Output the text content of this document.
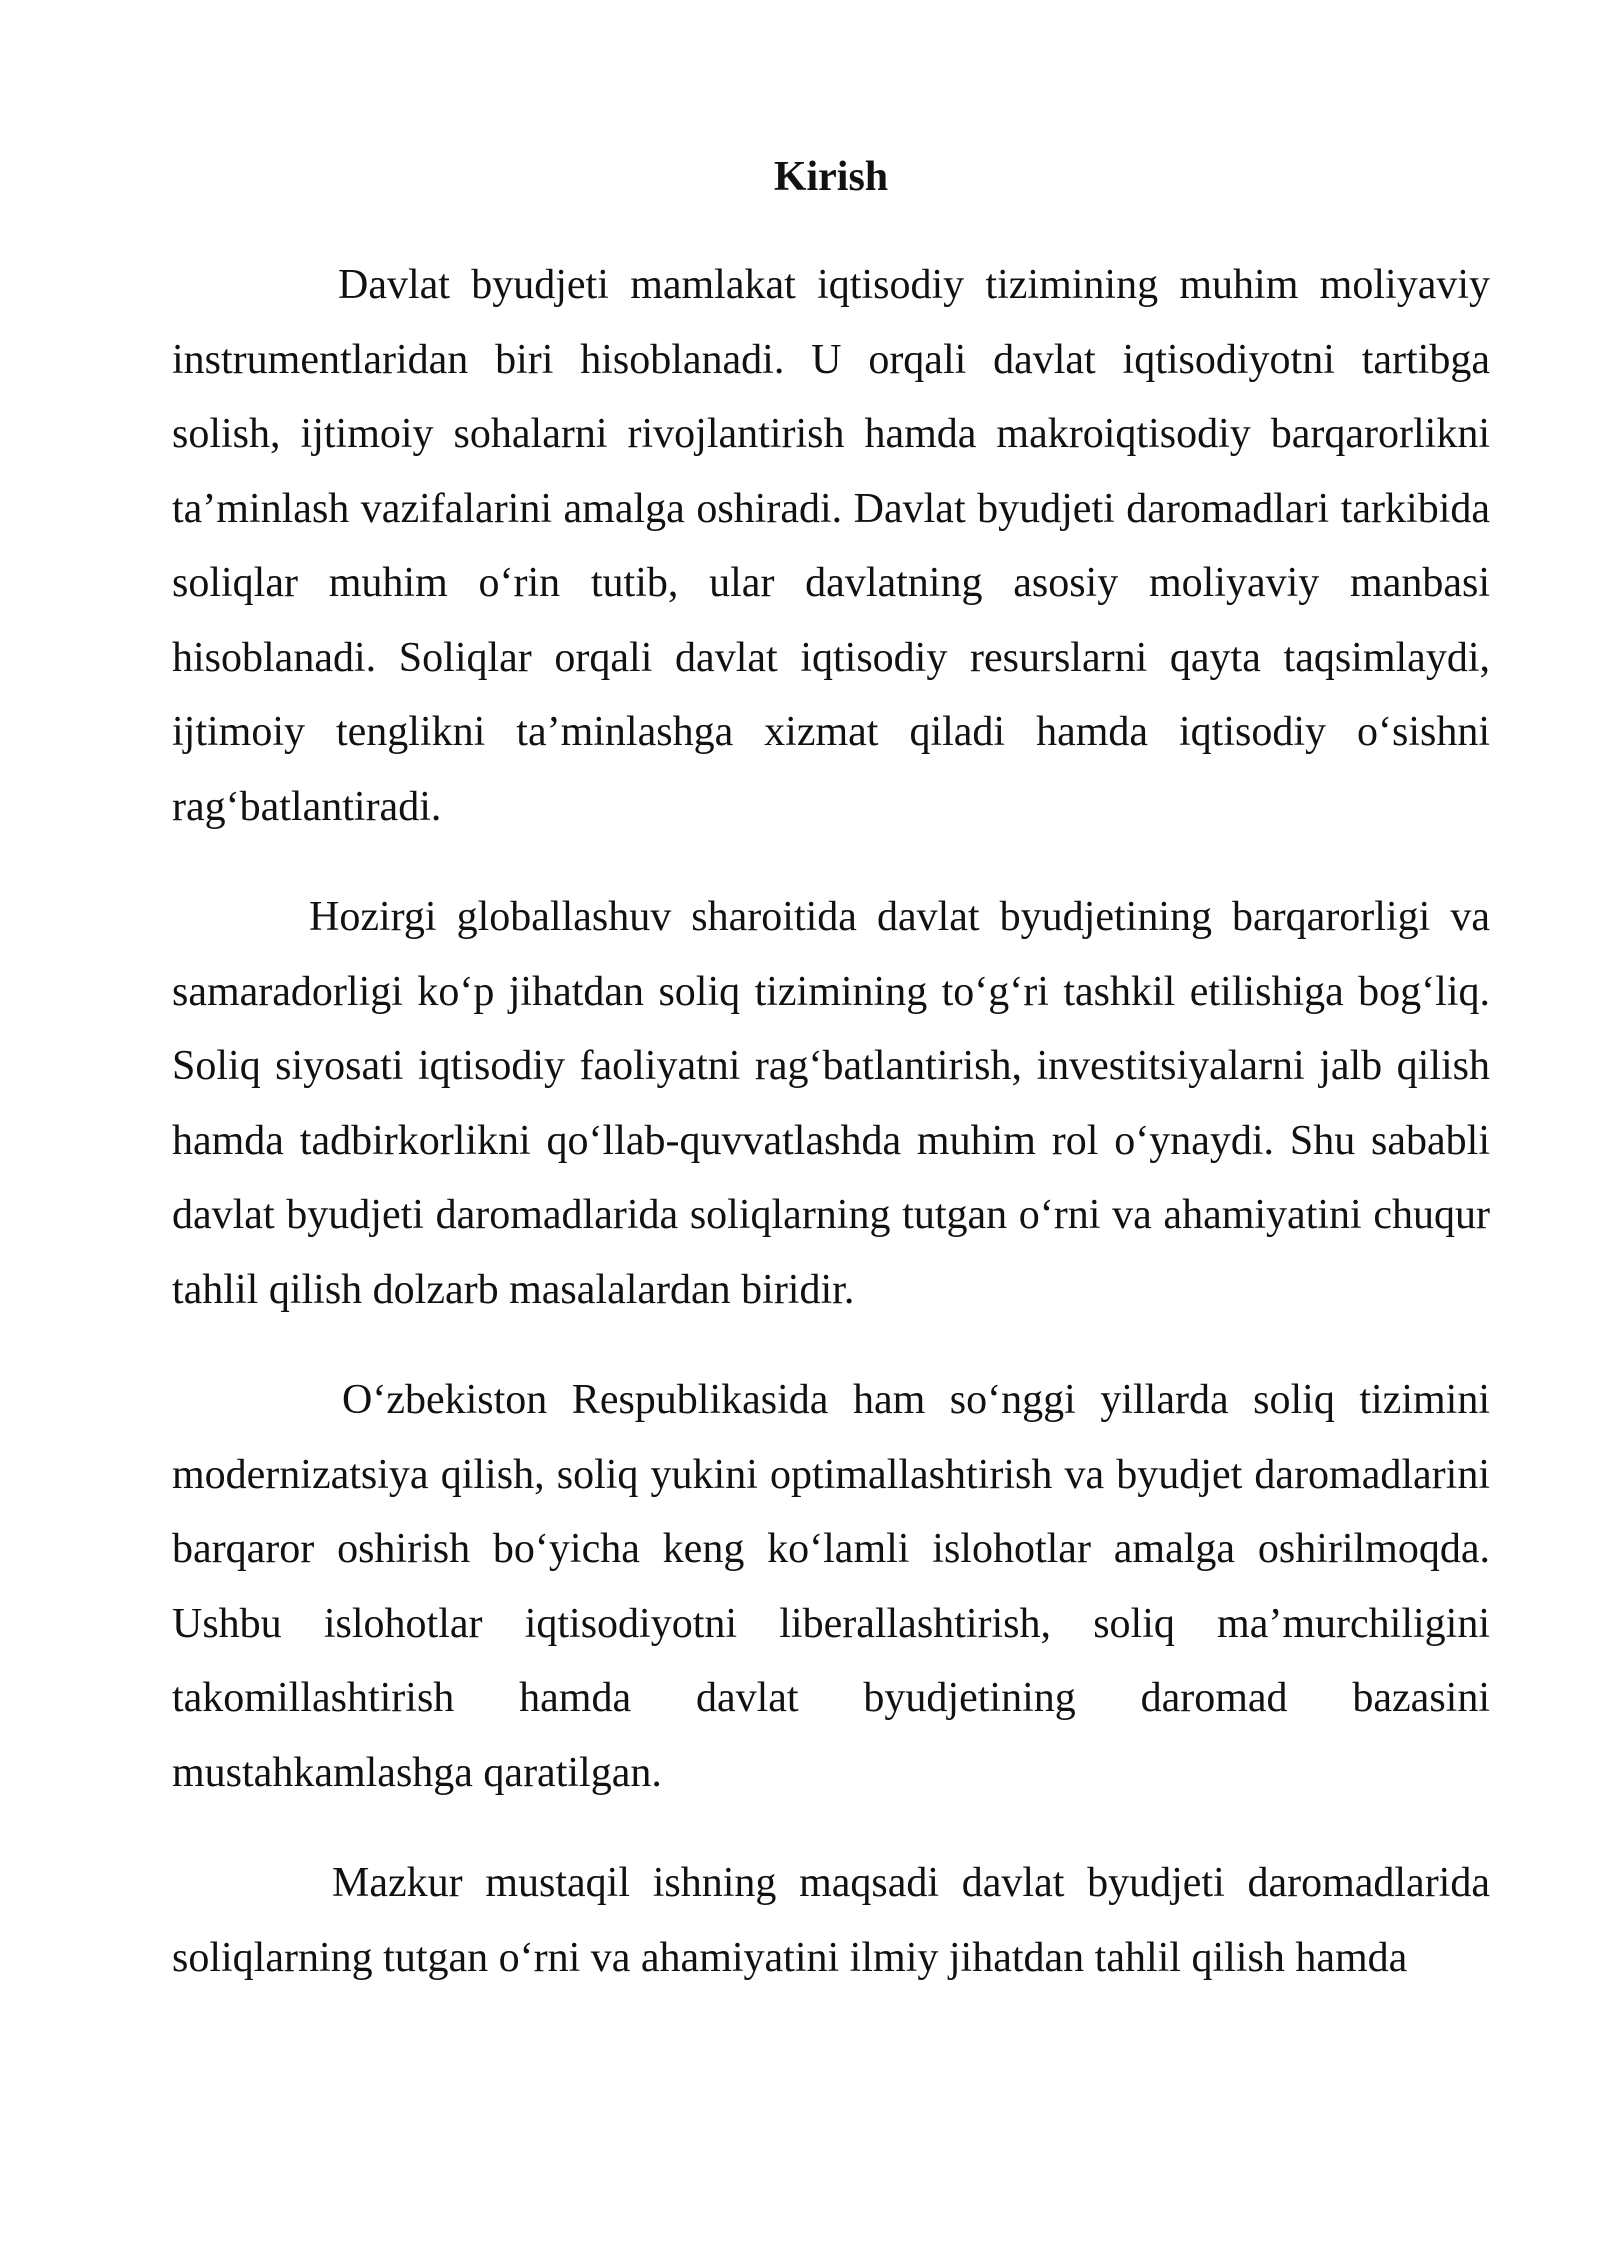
Kirish

Davlat byudjeti mamlakat iqtisodiy tizimining muhim moliyaviy instrumentlaridan biri hisoblanadi. U orqali davlat iqtisodiyotni tartibga solish, ijtimoiy sohalarni rivojlantirish hamda makroiqtisodiy barqarorlikni ta’minlash vazifalarini amalga oshiradi. Davlat byudjeti daromadlari tarkibida soliqlar muhim o‘rin tutib, ular davlatning asosiy moliyaviy manbasi hisoblanadi. Soliqlar orqali davlat iqtisodiy resurslarni qayta taqsimlaydi, ijtimoiy tenglikni ta’minlashga xizmat qiladi hamda iqtisodiy o‘sishni rag‘batlantiradi.

Hozirgi globallashuv sharoitida davlat byudjetining barqarorligi va samaradorligi ko‘p jihatdan soliq tizimining to‘g‘ri tashkil etilishiga bog‘liq. Soliq siyosati iqtisodiy faoliyatni rag‘batlantirish, investitsiyalarni jalb qilish hamda tadbirkorlikni qo‘llab-quvvatlashda muhim rol o‘ynaydi. Shu sababli davlat byudjeti daromadlarida soliqlarning tutgan o‘rni va ahamiyatini chuqur tahlil qilish dolzarb masalalardan biridir.

O‘zbekiston Respublikasida ham so‘nggi yillarda soliq tizimini modernizatsiya qilish, soliq yukini optimallashtirish va byudjet daromadlarini barqaror oshirish bo‘yicha keng ko‘lamli islohotlar amalga oshirilmoqda. Ushbu islohotlar iqtisodiyotni liberallashtirish, soliq ma’murchiligini takomillashtirish hamda davlat byudjetining daromad bazasini mustahkamlashga qaratilgan.

Mazkur mustaqil ishning maqsadi davlat byudjeti daromadlarida soliqlarning tutgan o‘rni va ahamiyatini ilmiy jihatdan tahlil qilish hamda
